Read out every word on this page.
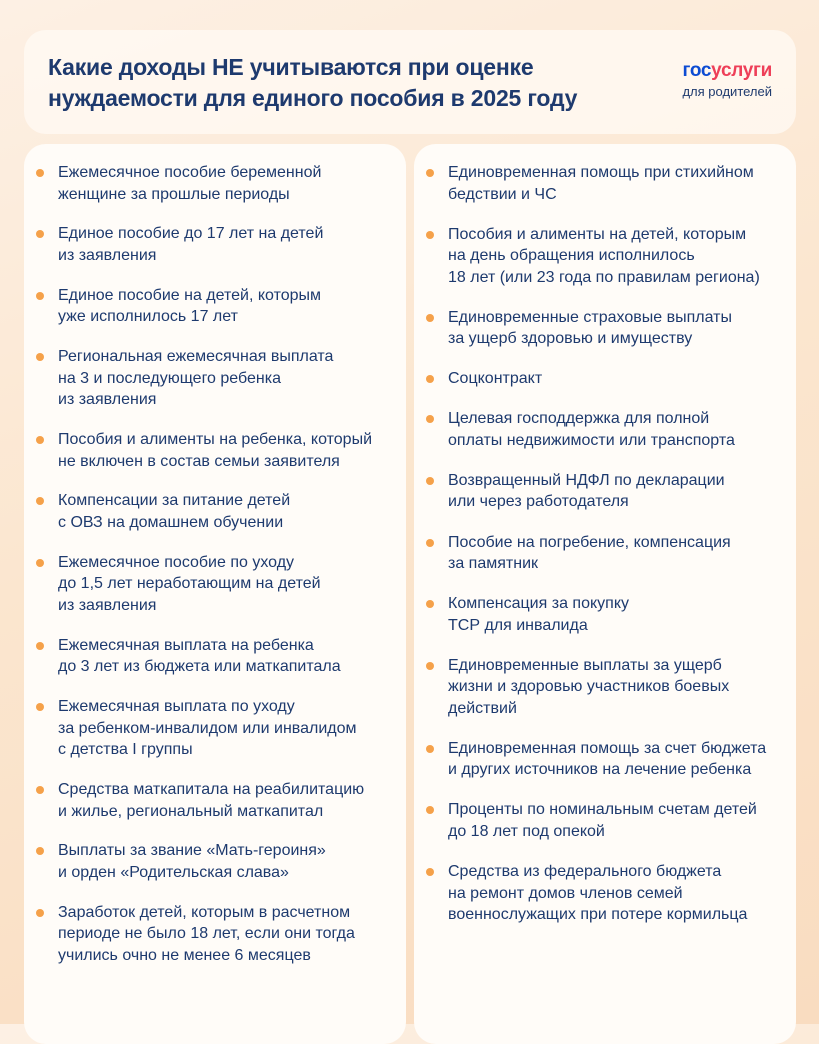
Какие доходы НЕ учитываются при оценке
нуждаемости для единого пособия в 2025 году
госуслуги
для родителей
Ежемесячное пособие беременной
женщине за прошлые периоды
Единое пособие до 17 лет на детей
из заявления
Единое пособие на детей, которым
уже исполнилось 17 лет
Региональная ежемесячная выплата
на 3 и последующего ребенка
из заявления
Пособия и алименты на ребенка, который
не включен в состав семьи заявителя
Компенсации за питание детей
с ОВЗ на домашнем обучении
Ежемесячное пособие по уходу
до 1,5 лет неработающим на детей
из заявления
Ежемесячная выплата на ребенка
до 3 лет из бюджета или маткапитала
Ежемесячная выплата по уходу
за ребенком-инвалидом или инвалидом
с детства I группы
Средства маткапитала на реабилитацию
и жилье, региональный маткапитал
Выплаты за звание «Мать-героиня»
и орден «Родительская слава»
Заработок детей, которым в расчетном
периоде не было 18 лет, если они тогда
учились очно не менее 6 месяцев
Единовременная помощь при стихийном
бедствии и ЧС
Пособия и алименты на детей, которым
на день обращения исполнилось
18 лет (или 23 года по правилам региона)
Единовременные страховые выплаты
за ущерб здоровью и имуществу
Соцконтракт
Целевая господдержка для полной
оплаты недвижимости или транспорта
Возвращенный НДФЛ по декларации
или через работодателя
Пособие на погребение, компенсация
за памятник
Компенсация за покупку
ТСР для инвалида
Единовременные выплаты за ущерб
жизни и здоровью участников боевых
действий
Единовременная помощь за счет бюджета
и других источников на лечение ребенка
Проценты по номинальным счетам детей
до 18 лет под опекой
Средства из федерального бюджета
на ремонт домов членов семей
военнослужащих при потере кормильца
